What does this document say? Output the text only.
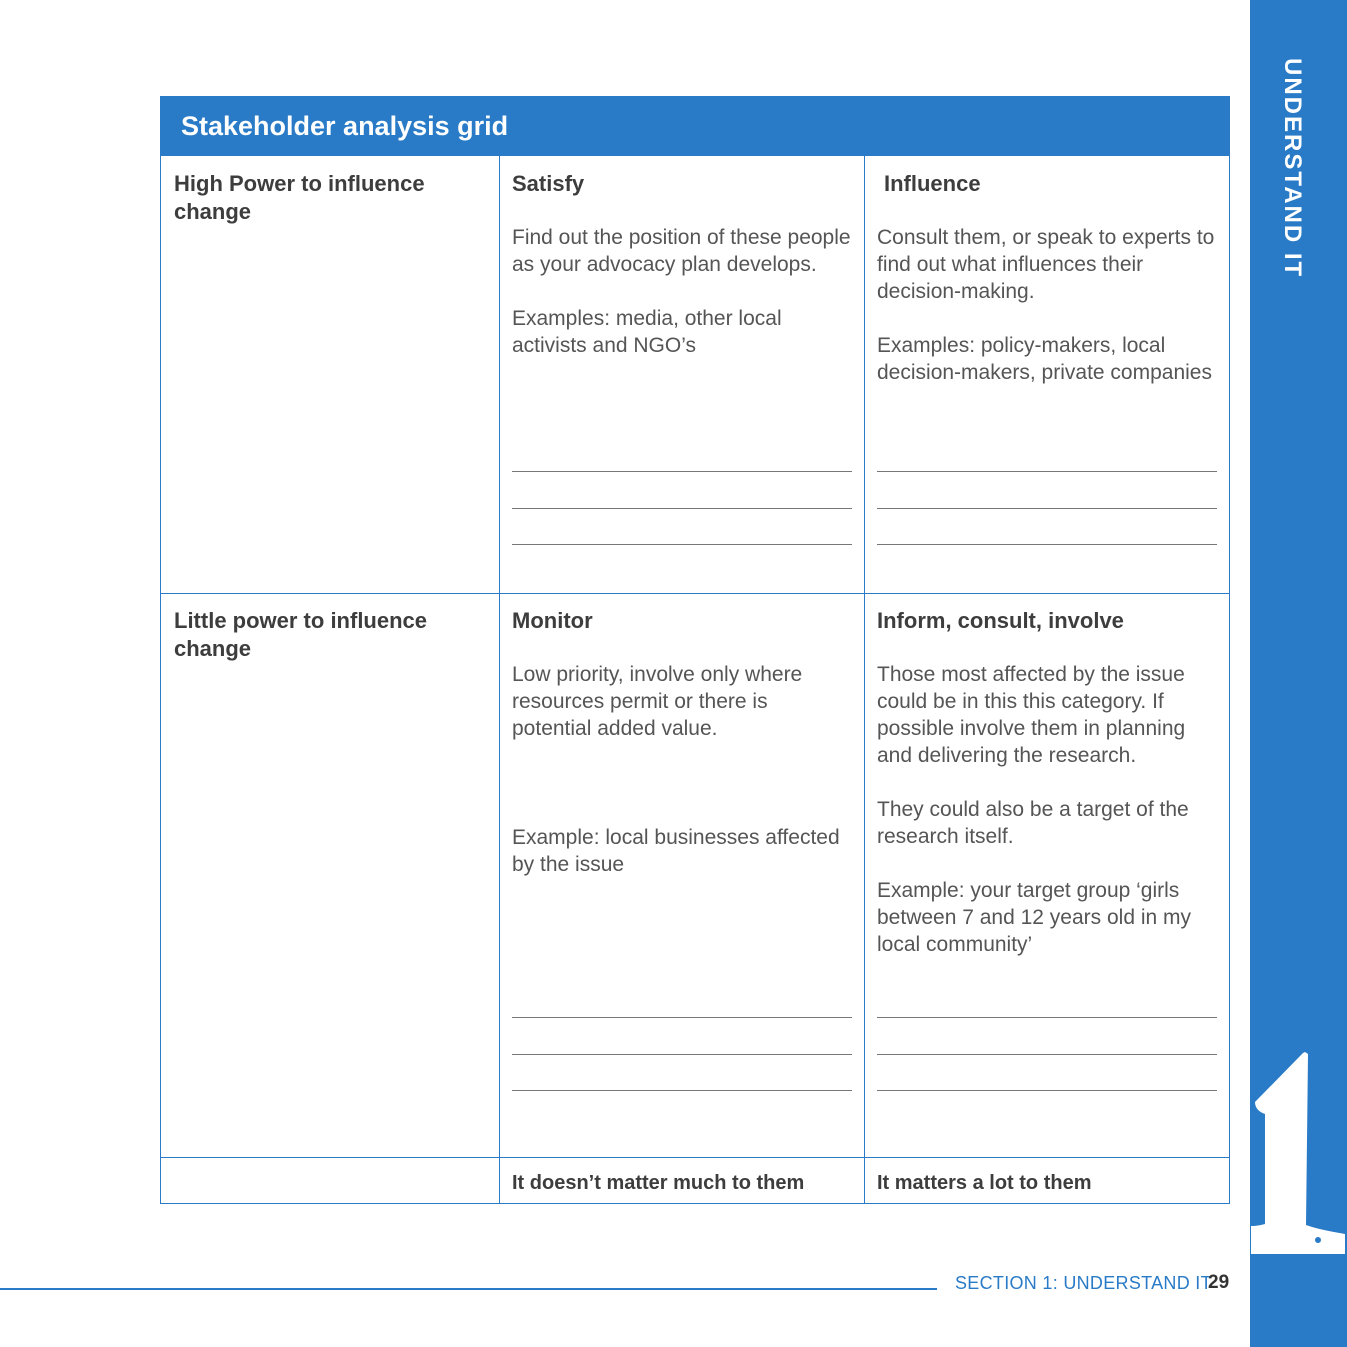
UNDERSTAND IT
Stakeholder analysis grid
High Power to influence change
Satisfy

Find out the position of these people as your advocacy plan develops.

Examples: media, other local activists and NGO’s

Influence

Consult them, or speak to experts to find out what influences their decision-making.

Examples: policy-makers, local decision-makers, private companies

Little power to influence change
Monitor

Low priority, involve only where resources permit or there is potential added value.

Example: local businesses affected by the issue

Inform, consult, involve

Those most affected by the issue could be in this this category. If possible involve them in planning and delivering the research.

They could also be a target of the research itself.

Example: your target group ‘girls between 7 and 12 years old in my local community’

It doesn’t matter much to them	It matters a lot to them
SECTION 1: UNDERSTAND IT
29
